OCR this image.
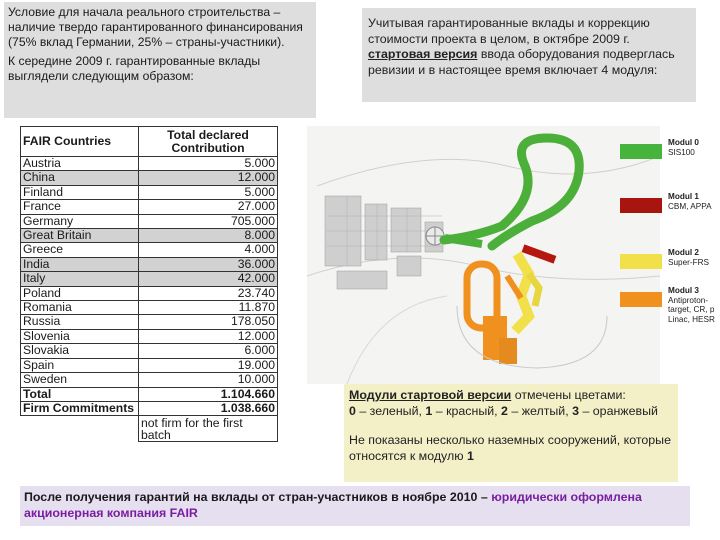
Условие для начала реального строительства – наличие твердо гарантированного финансирования (75% вклад Германии, 25% – страны-участники).

К середине 2009 г. гарантированные вклады выглядели следующим образом:

Учитывая гарантированные вклады и коррекцию стоимости проекта в целом, в октябре 2009 г. стартовая версия ввода оборудования подверглась ревизии и в настоящее время включает 4 модуля:
FAIR Countries	Total declared Contribution
Austria	5.000
China	12.000
Finland	5.000
France	27.000
Germany	705.000
Great Britain	8.000
Greece	4.000
India	36.000
Italy	42.000
Poland	23.740
Romania	11.870
Russia	178.050
Slovenia	12.000
Slovakia	6.000
Spain	19.000
Sweden	10.000
Total	1.104.660
Firm Commitments	1.038.660
	not firm for the first batch
Modul 0
SIS100
Modul 1
CBM, APPA
Modul 2
Super-FRS
Modul 3
Antiproton-target, CR, p Linac, HESR

Модули стартовой версии отмечены цветами:
0 – зеленый, 1 – красный, 2 – желтый, 3 – оранжевый

Не показаны несколько наземных сооружений, которые относятся к модулю 1

После получения гарантий на вклады от стран-участников в ноябре 2010 – юридически оформлена акционерная компания FAIR
